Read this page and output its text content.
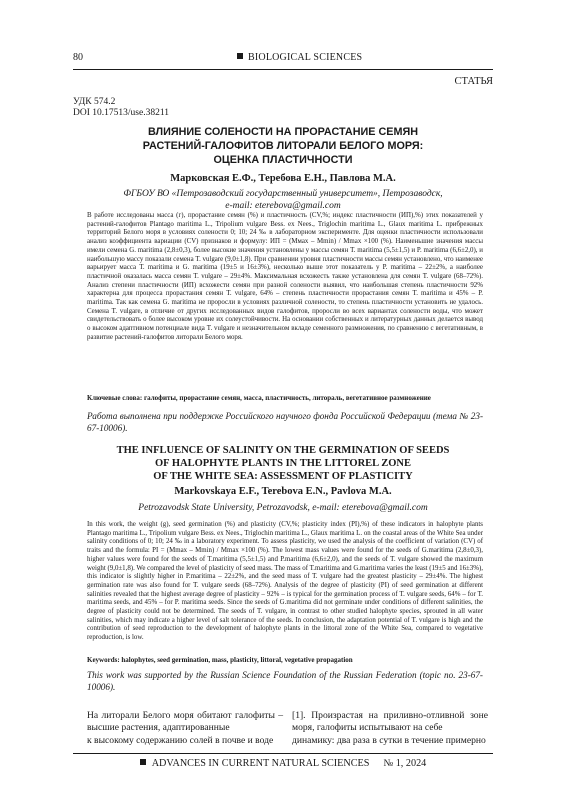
80	BIOLOGICAL SCIENCES
СТАТЬЯ
УДК 574.2
DOI 10.17513/use.38211
ВЛИЯНИЕ СОЛЕНОСТИ НА ПРОРАСТАНИЕ СЕМЯН
РАСТЕНИЙ-ГАЛОФИТОВ ЛИТОРАЛИ БЕЛОГО МОРЯ:
ОЦЕНКА ПЛАСТИЧНОСТИ
Марковская Е.Ф., Теребова Е.Н., Павлова М.А.
ФГБОУ ВО «Петрозаводский государственный университет», Петрозаводск,
e-mail: eterebova@gmail.com

В работе исследованы масса (г), прорастание семян (%) и пластичность (CV,%; индекс пластичности (ИП),%) этих показателей у растений-галофитов Plantago maritima L., Tripolium vulgare Bess. ex Nees., Triglochin maritima L., Glaux maritima L. прибрежных территорий Белого моря в условиях солености 0; 10; 24 ‰ в лабораторном эксперименте. Для оценки пластичности использовали анализ коэффициента вариации (CV) признаков и формулу: ИП = (Mмах – Mmin) / Mmax ×100 (%). Наименьшие значения массы имели семена G. maritima (2,8±0,3), более высокие значения установлены у массы семян T. maritima (5,5±1,5) и P. maritima (6,6±2,0), и наибольшую массу показали семена T. vulgare (9,0±1,8). При сравнении уровня пластичности массы семян установлено, что наименее варьирует масса T. maritima и G. maritima (19±5 и 16±3%), несколько выше этот показатель у P. maritima – 22±2%, а наиболее пластичной оказалась масса семян T. vulgare – 29±4%. Максимальная всхожесть также установлена для семян T. vulgare (68–72%). Анализ степени пластичности (ИП) всхожести семян при разной солености выявил, что наибольшая степень пластичности 92% характерна для процесса прорастания семян T. vulgare, 64% – степень пластичности прорастания семян T. maritima и 45% – P. maritima. Так как семена G. maritima не проросли в условиях различной солености, то степень пластичности установить не удалось. Семена T. vulgare, в отличие от других исследованных видов галофитов, проросли во всех вариантах солености воды, что может свидетельствовать о более высоком уровне их солеустойчивости. На основании собственных и литературных данных делается вывод о высоком адаптивном потенциале вида T. vulgare и незначительном вкладе семенного размножения, по сравнению с вегетативным, в развитие растений-галофитов литорали Белого моря.

Ключевые слова: галофиты, прорастание семян, масса, пластичность, литораль, вегетативное размножение
Работа выполнена при поддержке Российского научного фонда Российской Федерации (тема № 23-67-10006).
THE INFLUENCE OF SALINITY ON THE GERMINATION OF SEEDS
OF HALOPHYTE PLANTS IN THE LITTOREL ZONE
OF THE WHITE SEA: ASSESSMENT OF PLASTICITY
Markovskaya E.F., Terebova E.N., Pavlova M.A.
Petrozavodsk State University, Petrozavodsk, e-mail: eterebova@gmail.com

In this work, the weight (g), seed germination (%) and plasticity (CV,%; plasticity index (PI),%) of these indicators in halophyte plants Plantago maritima L., Tripolium vulgare Bess. ex Nees., Triglochin maritima L., Glaux maritima L. on the coastal areas of the White Sea under salinity conditions of 0; 10; 24 ‰ in a laboratory experiment. To assess plasticity, we used the analysis of the coefficient of variation (CV) of traits and the formula: PI = (Mmax – Mmin) / Mmax ×100 (%). The lowest mass values were found for the seeds of G.maritima (2,8±0,3), higher values were found for the seeds of T.maritima (5,5±1,5) and P.maritima (6,6±2,0), and the seeds of T. vulgare showed the maximum weight (9,0±1,8). We compared the level of plasticity of seed mass. The mass of T.maritima and G.maritima varies the least (19±5 and 16±3%), this indicator is slightly higher in P.maritima – 22±2%, and the seed mass of T. vulgare had the greatest plasticity – 29±4%. The highest germination rate was also found for T. vulgare seeds (68–72%). Analysis of the degree of plasticity (PI) of seed germination at different salinities revealed that the highest average degree of plasticity – 92% – is typical for the germination process of T. vulgare seeds, 64% – for T. maritima seeds, and 45% – for P. maritima seeds. Since the seeds of G.maritima did not germinate under conditions of different salinities, the degree of plasticity could not be determined. The seeds of T. vulgare, in contrast to other studied halophyte species, sprouted in all water salinities, which may indicate a higher level of salt tolerance of the seeds. In conclusion, the adaptation potential of T. vulgare is high and the contribution of seed reproduction to the development of halophyte plants in the littoral zone of the White Sea, compared to vegetative reproduction, is low.

Keywords: halophytes, seed germination, mass, plasticity, littoral, vegetative propagation
This work was supported by the Russian Science Foundation of the Russian Federation (topic no. 23-67-10006).
На литорали Белого моря обитают галофиты – высшие растения, адаптированные
к высокому содержанию солей в почве и воде
[1]. Произрастая на приливно-отливной зоне моря, галофиты испытывают на себе
динамику: два раза в сутки в течение примерно
ADVANCES IN CURRENT NATURAL SCIENCES № 1, 2024
